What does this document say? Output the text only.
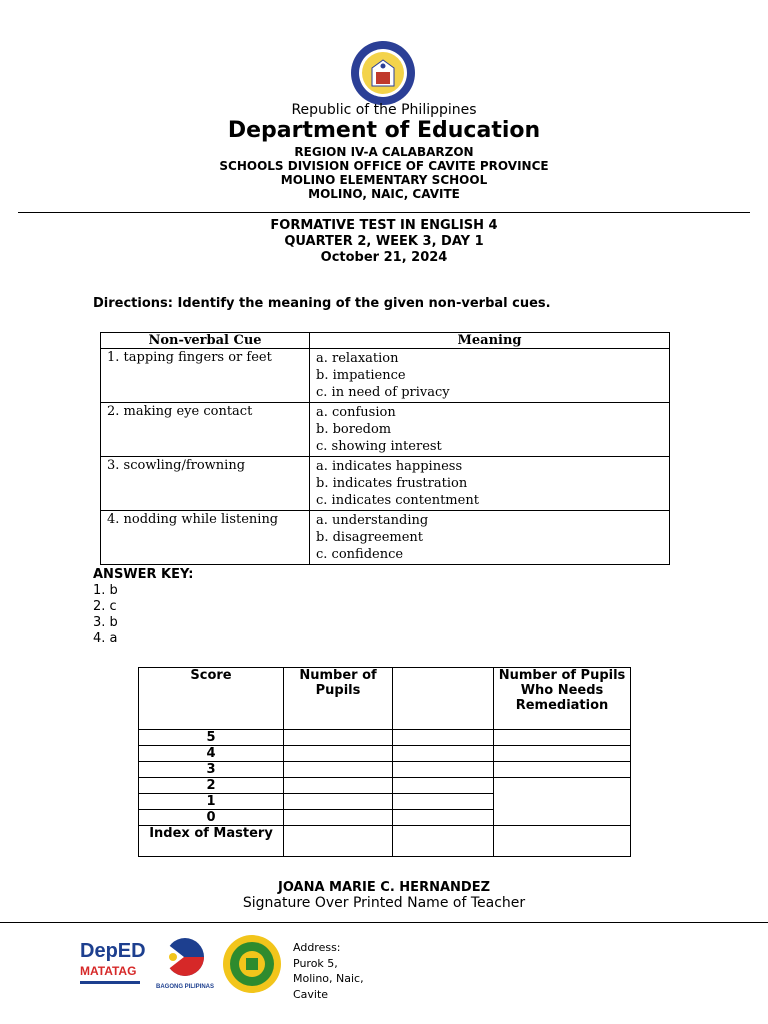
Republic of the Philippines
Department of Education
REGION IV-A CALABARZON
SCHOOLS DIVISION OFFICE OF CAVITE PROVINCE
MOLINO ELEMENTARY SCHOOL
MOLINO, NAIC, CAVITE
FORMATIVE TEST IN ENGLISH 4
QUARTER 2, WEEK 3, DAY 1
October 21, 2024
Directions: Identify the meaning of the given non-verbal cues.
Non-verbal Cue	Meaning
1. tapping fingers or feet	a. relaxation
b. impatience
c. in need of privacy

2. making eye contact	a. confusion
b. boredom
c. showing interest

3. scowling/frowning	a. indicates happiness
b. indicates frustration
c. indicates contentment

4. nodding while listening	a. understanding
b. disagreement
c. confidence
ANSWER KEY:
1. b
2. c
3. b
4. a
Score	Number of Pupils		Number of Pupils Who Needs Remediation
5			
4			
3			
2			
1			
0			
Index of Mastery			
JOANA MARIE C. HERNANDEZ
Signature Over Printed Name of Teacher
DepED
MATATAG
BAGONG PILIPINAS
Address:
Purok 5,
Molino, Naic,
Cavite
